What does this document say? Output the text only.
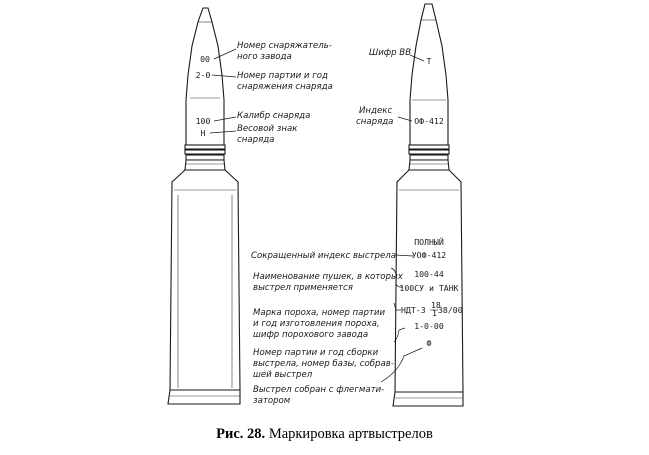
00
2-0
100
Н
Номер снаряжатель- ного завода
Номер партии и год снаряжения снаряда
Калибр снаряда
Весовой знак снаряда
Т
ОФ-412
ПОЛНЫЙ
УОФ-412
100-44
100СУ и ТАНК
НДТ-3 18
1 38/00
1-0-00
Ф
Шифр ВВ
Индекс снаряда
Сокращенный индекс выстрела
Наименование пушек, в которых выстрел применяется
Марка пороха, номер партии и год изготовления пороха, шифр порохового завода
Номер партии и год сборки выстрела, номер базы, собрав- шей выстрел
Выстрел собран с флегмати- затором
Рис. 28. Маркировка артвыстрелов
